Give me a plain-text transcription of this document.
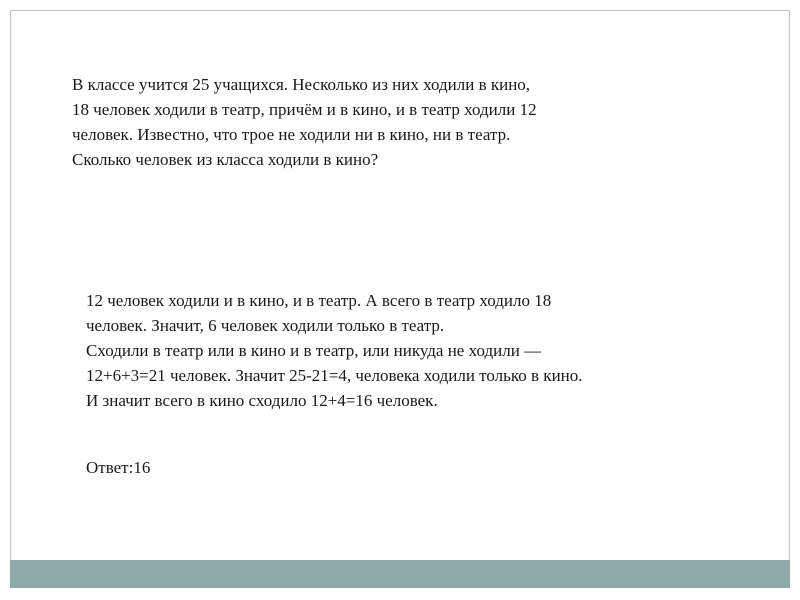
В классе учится 25 учащихся. Несколько из них ходили в кино,
18 человек ходили в театр, причём и в кино, и в театр ходили 12
человек. Известно, что трое не ходили ни в кино, ни в театр.
Сколько человек из класса ходили в кино?
12 человек ходили и в кино, и в театр. А всего в театр ходило 18
человек. Значит, 6 человек ходили только в театр.
Сходили в театр или в кино и в театр, или никуда не ходили —
12+6+3=21 человек. Значит 25-21=4, человека ходили только в кино.
И значит всего в кино сходило 12+4=16 человек.
Ответ:16
